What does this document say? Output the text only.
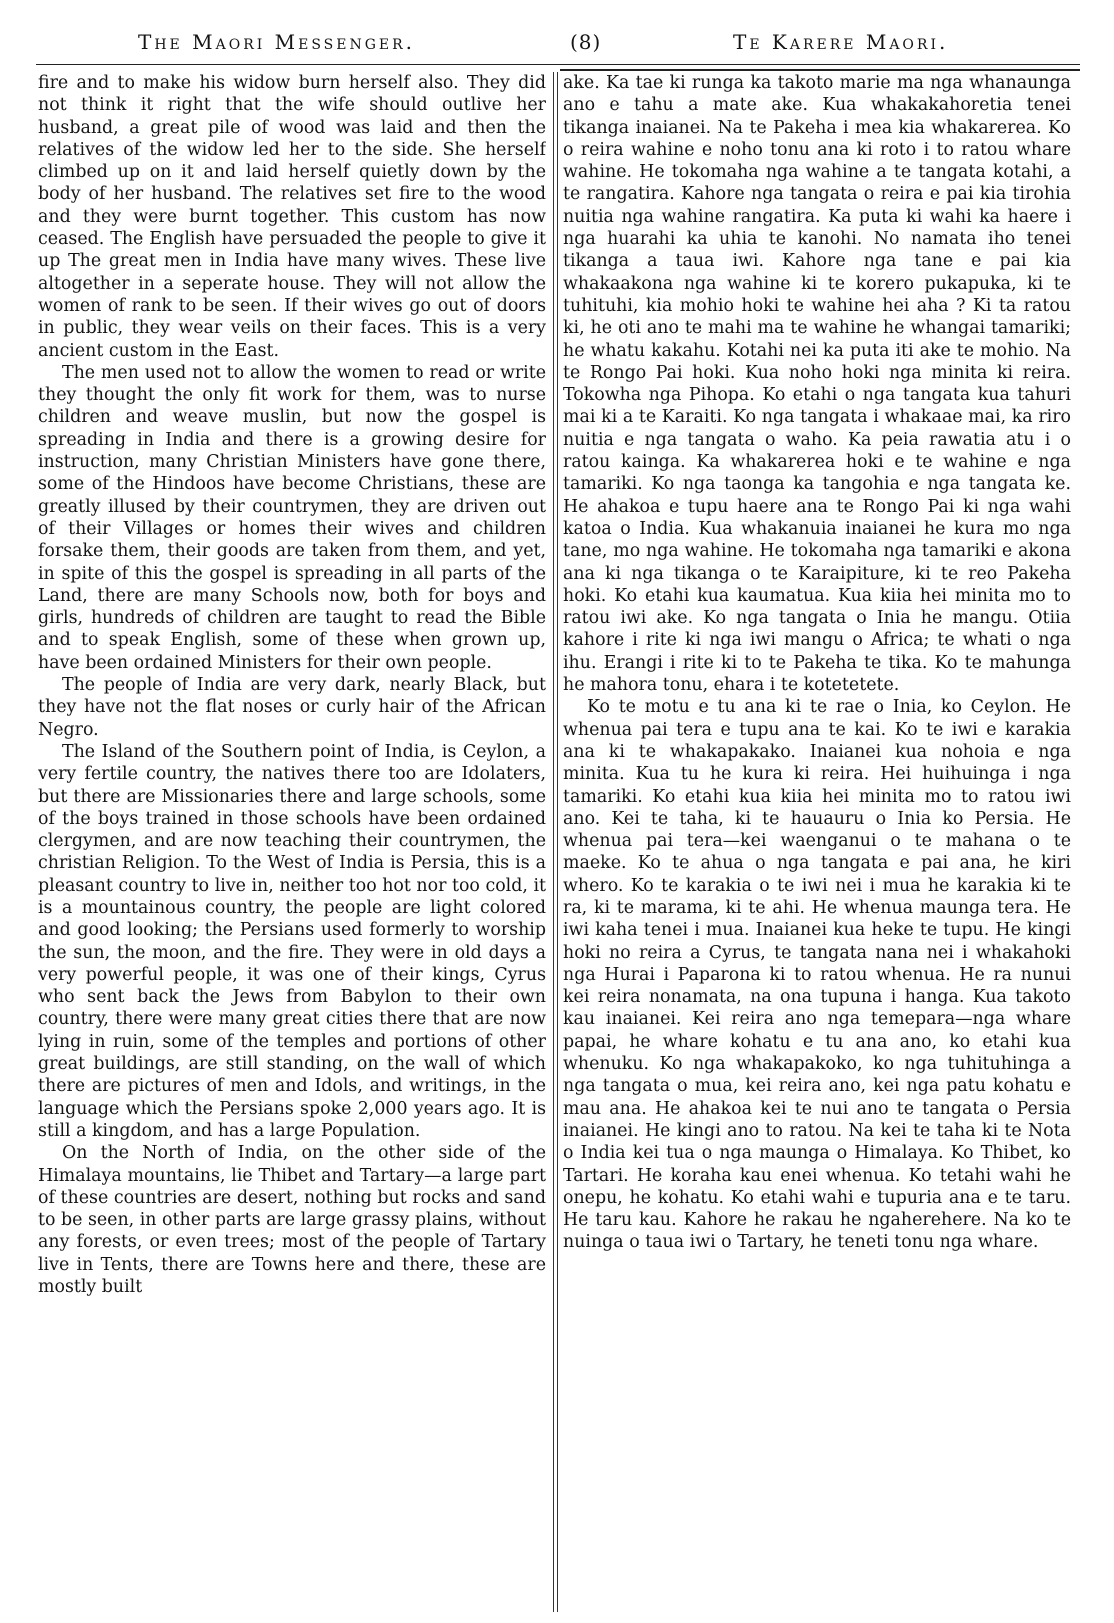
The Maori Messenger.	(8)	Te Karere Maori.

fire and to make his widow burn herself also. They did not think it right that the wife should outlive her husband, a great pile of wood was laid and then the relatives of the widow led her to the side. She herself climbed up on it and laid herself quietly down by the body of her husband. The relatives set fire to the wood and they were burnt together. This custom has now ceased. The English have persuaded the people to give it up The great men in India have many wives. These live altogether in a seperate house. They will not allow the women of rank to be seen. If their wives go out of doors in public, they wear veils on their faces. This is a very ancient custom in the East.

The men used not to allow the women to read or write they thought the only fit work for them, was to nurse children and weave muslin, but now the gospel is spreading in India and there is a growing desire for instruction, many Christian Ministers have gone there, some of the Hindoos have become Christians, these are greatly illused by their countrymen, they are driven out of their Villages or homes their wives and children forsake them, their goods are taken from them, and yet, in spite of this the gospel is spreading in all parts of the Land, there are many Schools now, both for boys and girls, hundreds of children are taught to read the Bible and to speak English, some of these when grown up, have been ordained Ministers for their own people.

The people of India are very dark, nearly Black, but they have not the flat noses or curly hair of the African Negro.

The Island of the Southern point of India, is Ceylon, a very fertile country, the natives there too are Idolaters, but there are Missionaries there and large schools, some of the boys trained in those schools have been ordained clergymen, and are now teaching their countrymen, the christian Religion. To the West of India is Persia, this is a pleasant country to live in, neither too hot nor too cold, it is a mountainous country, the people are light colored and good looking; the Persians used formerly to worship the sun, the moon, and the fire. They were in old days a very powerful people, it was one of their kings, Cyrus who sent back the Jews from Babylon to their own country, there were many great cities there that are now lying in ruin, some of the temples and portions of other great buildings, are still standing, on the wall of which there are pictures of men and Idols, and writings, in the language which the Persians spoke 2,000 years ago. It is still a kingdom, and has a large Population.

On the North of India, on the other side of the Himalaya mountains, lie Thibet and Tartary—a large part of these countries are desert, nothing but rocks and sand to be seen, in other parts are large grassy plains, without any forests, or even trees; most of the people of Tartary live in Tents, there are Towns here and there, these are mostly built

ake. Ka tae ki runga ka takoto marie ma nga whanaunga ano e tahu a mate ake. Kua whakakahoretia tenei tikanga inaianei. Na te Pakeha i mea kia whakarerea. Ko o reira wahine e noho tonu ana ki roto i to ratou whare wahine. He tokomaha nga wahine a te tangata kotahi, a te rangatira. Kahore nga tangata o reira e pai kia tirohia nuitia nga wahine rangatira. Ka puta ki wahi ka haere i nga huarahi ka uhia te kanohi. No namata iho tenei tikanga a taua iwi. Kahore nga tane e pai kia whakaakona nga wahine ki te korero pukapuka, ki te tuhituhi, kia mohio hoki te wahine hei aha ? Ki ta ratou ki, he oti ano te mahi ma te wahine he whangai tamariki; he whatu kakahu. Kotahi nei ka puta iti ake te mohio. Na te Rongo Pai hoki. Kua noho hoki nga minita ki reira. Tokowha nga Pihopa. Ko etahi o nga tangata kua tahuri mai ki a te Karaiti. Ko nga tangata i whakaae mai, ka riro nuitia e nga tangata o waho. Ka peia rawatia atu i o ratou kainga. Ka whakarerea hoki e te wahine e nga tamariki. Ko nga taonga ka tangohia e nga tangata ke. He ahakoa e tupu haere ana te Rongo Pai ki nga wahi katoa o India. Kua whakanuia inaianei he kura mo nga tane, mo nga wahine. He tokomaha nga tamariki e akona ana ki nga tikanga o te Karaipiture, ki te reo Pakeha hoki. Ko etahi kua kaumatua. Kua kiia hei minita mo to ratou iwi ake. Ko nga tangata o Inia he mangu. Otiia kahore i rite ki nga iwi mangu o Africa; te whati o nga ihu. Erangi i rite ki to te Pakeha te tika. Ko te mahunga he mahora tonu, ehara i te kotetetete.

Ko te motu e tu ana ki te rae o Inia, ko Ceylon. He whenua pai tera e tupu ana te kai. Ko te iwi e karakia ana ki te whakapakako. Inaianei kua nohoia e nga minita. Kua tu he kura ki reira. Hei huihuinga i nga tamariki. Ko etahi kua kiia hei minita mo to ratou iwi ano. Kei te taha, ki te hauauru o Inia ko Persia. He whenua pai tera—kei waenganui o te mahana o te maeke. Ko te ahua o nga tangata e pai ana, he kiri whero. Ko te karakia o te iwi nei i mua he karakia ki te ra, ki te marama, ki te ahi. He whenua maunga tera. He iwi kaha tenei i mua. Inaianei kua heke te tupu. He kingi hoki no reira a Cyrus, te tangata nana nei i whakahoki nga Hurai i Paparona ki to ratou whenua. He ra nunui kei reira nonamata, na ona tupuna i hanga. Kua takoto kau inaianei. Kei reira ano nga temepara—nga whare papai, he whare kohatu e tu ana ano, ko etahi kua whenuku. Ko nga whakapakoko, ko nga tuhituhinga a nga tangata o mua, kei reira ano, kei nga patu kohatu e mau ana. He ahakoa kei te nui ano te tangata o Persia inaianei. He kingi ano to ratou. Na kei te taha ki te Nota o India kei tua o nga maunga o Himalaya. Ko Thibet, ko Tartari. He koraha kau enei whenua. Ko tetahi wahi he onepu, he kohatu. Ko etahi wahi e tupuria ana e te taru. He taru kau. Kahore he rakau he ngaherehere. Na ko te nuinga o taua iwi o Tartary, he teneti tonu nga whare.
